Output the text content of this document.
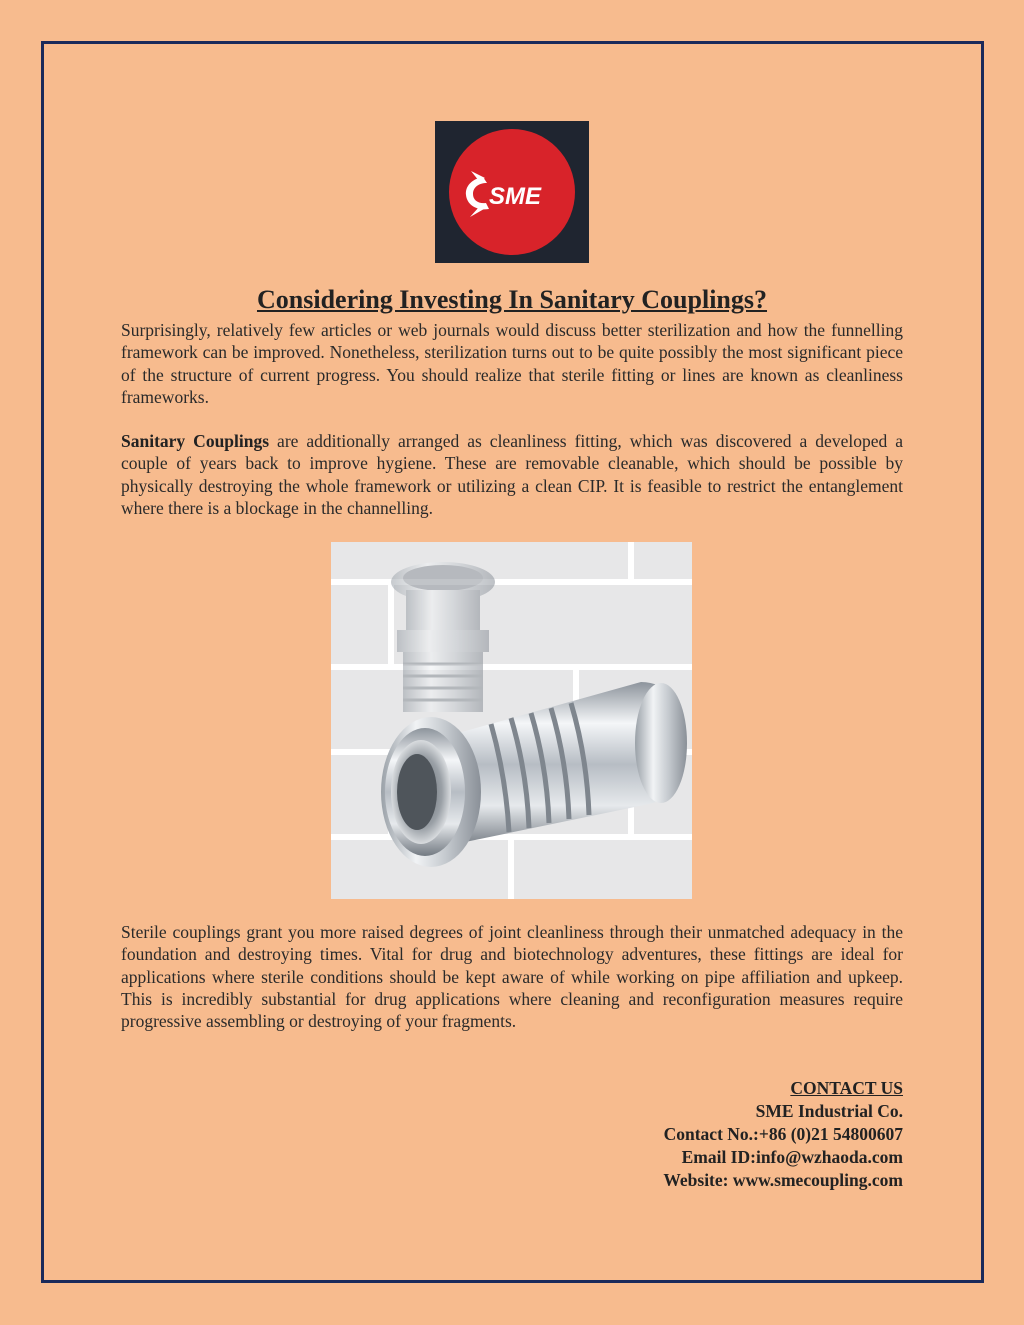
SME
Considering Investing In Sanitary Couplings?

Surprisingly, relatively few articles or web journals would discuss better sterilization and how the funnelling framework can be improved. Nonetheless, sterilization turns out to be quite possibly the most significant piece of the structure of current progress. You should realize that sterile fitting or lines are known as cleanliness frameworks.

Sanitary Couplings are additionally arranged as cleanliness fitting, which was discovered a developed a couple of years back to improve hygiene. These are removable cleanable, which should be possible by physically destroying the whole framework or utilizing a clean CIP. It is feasible to restrict the entanglement where there is a blockage in the channelling.

Sterile couplings grant you more raised degrees of joint cleanliness through their unmatched adequacy in the foundation and destroying times. Vital for drug and biotechnology adventures, these fittings are ideal for applications where sterile conditions should be kept aware of while working on pipe affiliation and upkeep. This is incredibly substantial for drug applications where cleaning and reconfiguration measures require progressive assembling or destroying of your fragments.

CONTACT US
SME Industrial Co.
Contact No.:+86 (0)21 54800607
Email ID:info@wzhaoda.com
Website: www.smecoupling.com
